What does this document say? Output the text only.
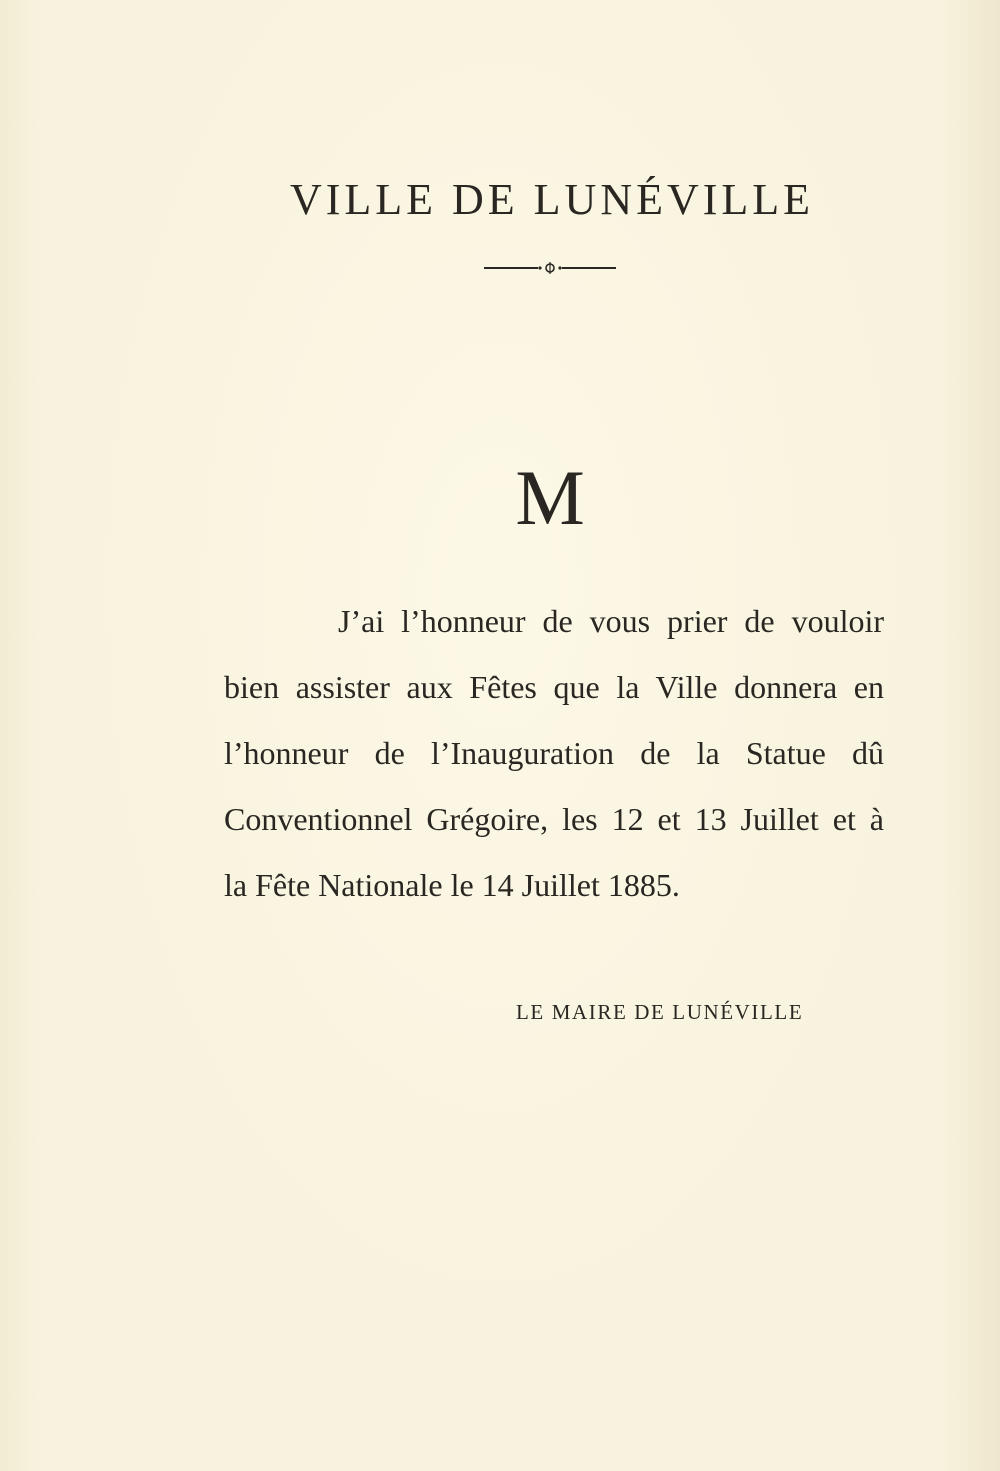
VILLE DE LUNÉVILLE
M
J’ai l’honneur de vous prier de vouloir
bien assister aux Fêtes que la Ville donnera en
l’honneur de l’Inauguration de la Statue dû
Conventionnel Grégoire, les 12 et 13 Juillet et à
la Fête Nationale le 14 Juillet 1885.
LE MAIRE DE LUNÉVILLE
